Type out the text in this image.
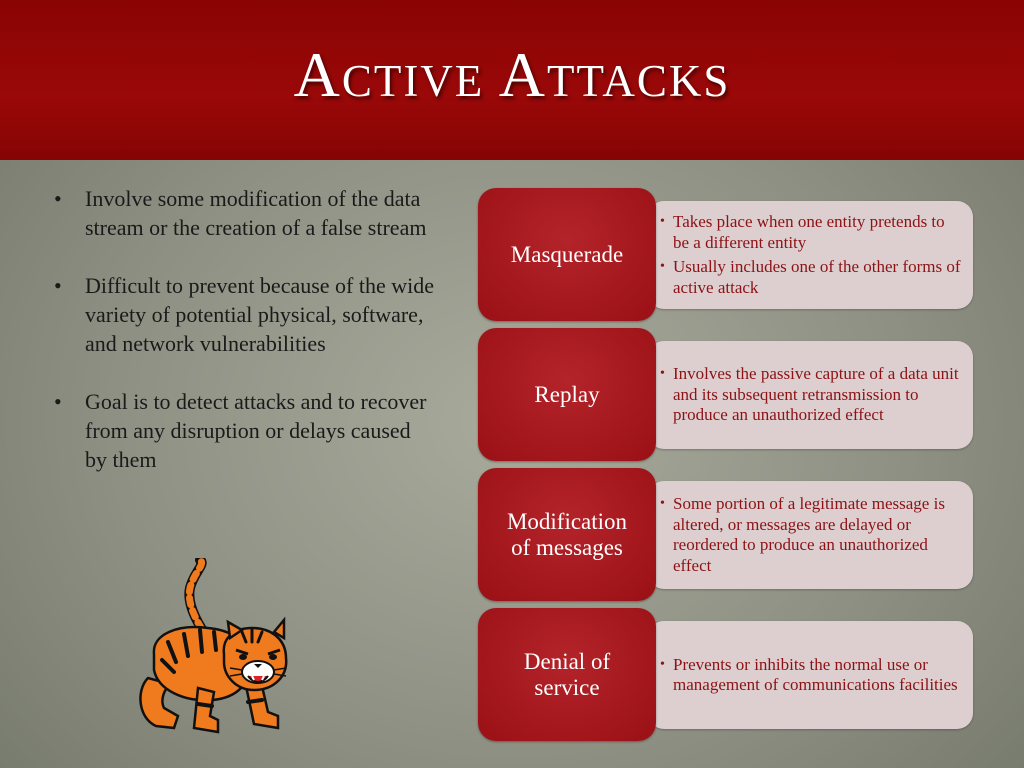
Active Attacks
• Involve some modification of the data stream or the creation of a false stream
• Difficult to prevent because of the wide variety of potential physical, software, and network vulnerabilities
• Goal is to detect attacks and to recover from any disruption or delays caused by them
Masquerade
• Takes place when one entity pretends to be a different entity
• Usually includes one of the other forms of active attack
Replay
• Involves the passive capture of a data unit and its subsequent retransmission to produce an unauthorized effect
Modification
of messages
• Some portion of a legitimate message is altered, or messages are delayed or reordered to produce an unauthorized effect
Denial of
service
• Prevents or inhibits the normal use or management of communications facilities
